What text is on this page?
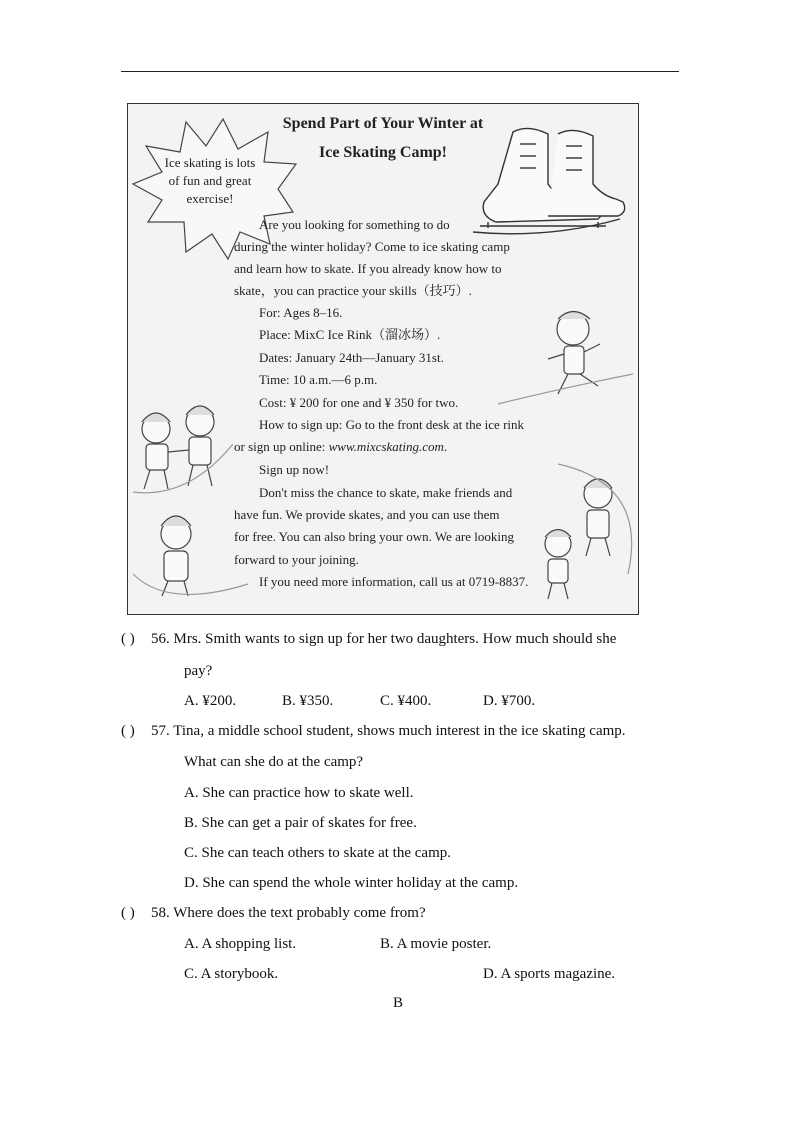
Spend Part of Your Winter at
Ice Skating Camp!
Ice skating is lots
of fun and great
exercise!
Are you looking for something to do
during the winter holiday? Come to ice skating camp
and learn how to skate. If you already know how to
skate，you can practice your skills（技巧）.
For: Ages 8–16.
Place: MixC Ice Rink（溜冰场）.
Dates: January 24th—January 31st.
Time: 10 a.m.—6 p.m.
Cost: ¥ 200 for one and ¥ 350 for two.
How to sign up: Go to the front desk at the ice rink
or sign up online: www.mixcskating.com.
Sign up now!
Don't miss the chance to skate, make friends and
have fun. We provide skates, and you can use them
for free. You can also bring your own. We are looking
forward to your joining.
If you need more information, call us at 0719-8837.
( ) 56. Mrs. Smith wants to sign up for her two daughters. How much should she
pay?
A. ¥200.	B. ¥350.	C. ¥400.	D. ¥700.
( ) 57. Tina, a middle school student, shows much interest in the ice skating camp.
What can she do at the camp?
A. She can practice how to skate well.
B. She can get a pair of skates for free.
C. She can teach others to skate at the camp.
D. She can spend the whole winter holiday at the camp.
( ) 58. Where does the text probably come from?
A. A shopping list.	B. A movie poster.
C. A storybook.	D. A sports magazine.
B
